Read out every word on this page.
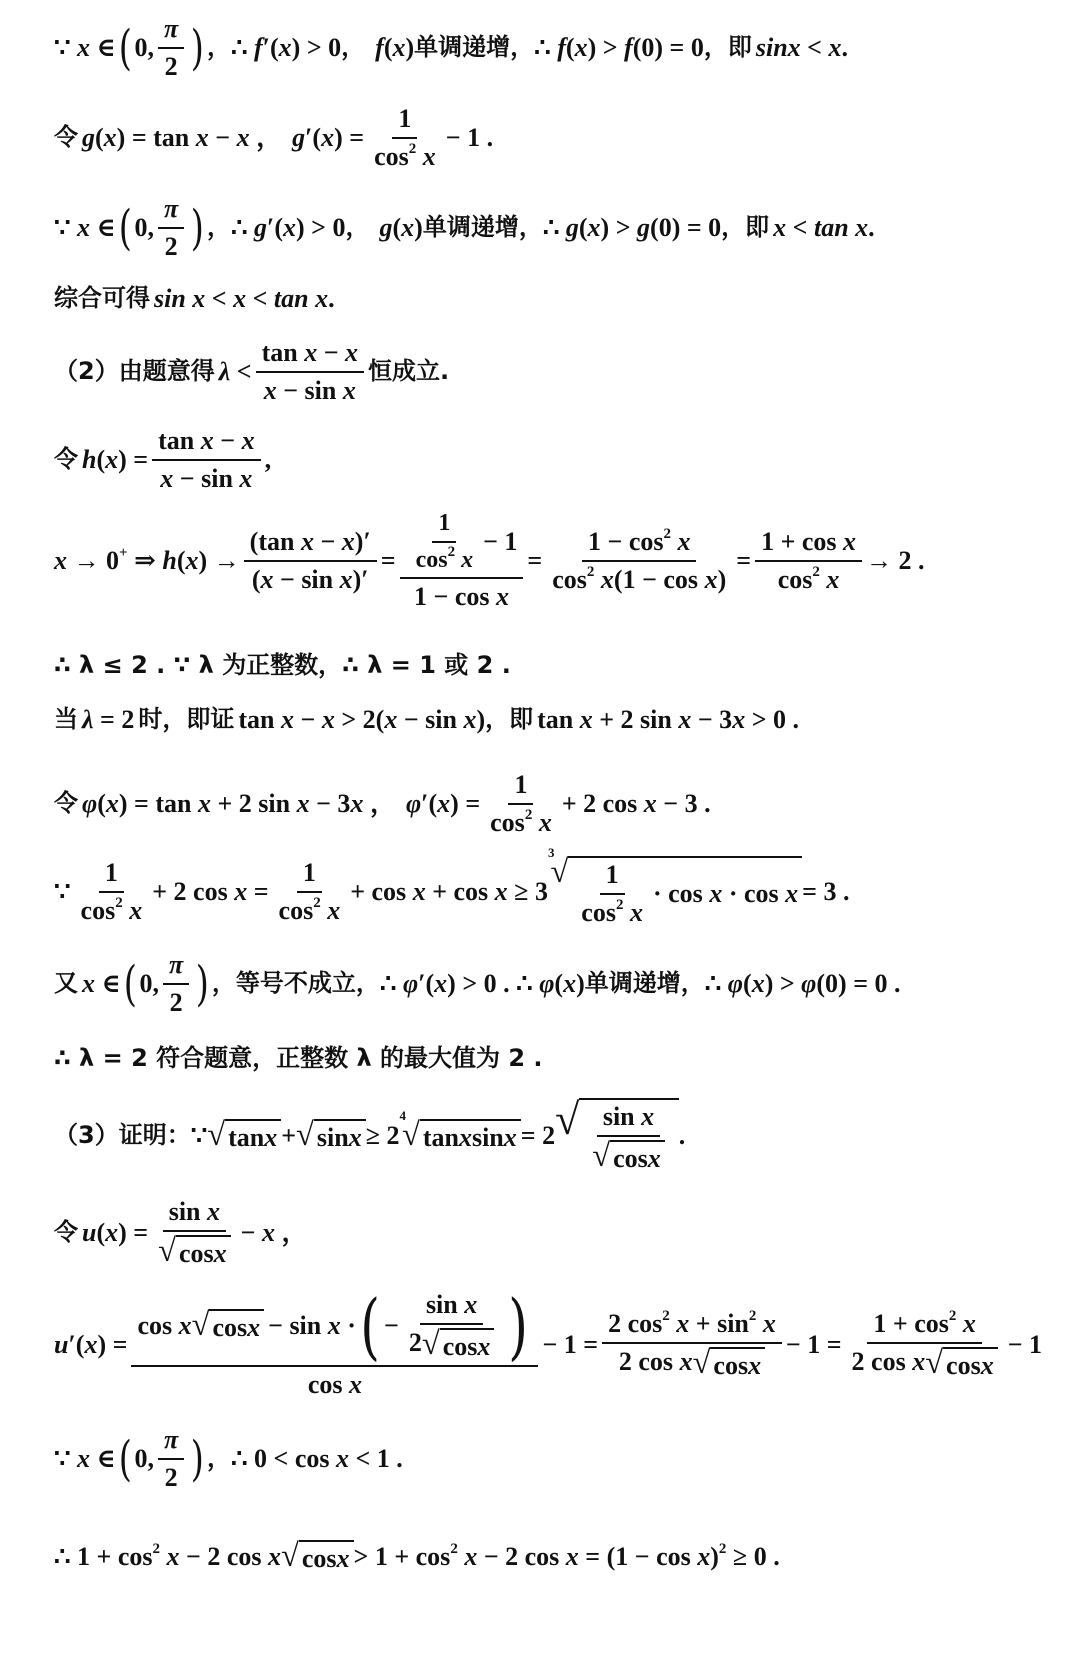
∵ x ∈ ( 0, $\frac{\pi}{2}$ ) ， ∴ f′(x) > 0 ， f(x) 单调递增， ∴ f(x) > f(0) = 0 ， 即 sinx < x .
令 g(x) = tan x − x ， $g'(x) = \frac{1}{\cos^2 x} - 1$ .
∵ x ∈ ( 0, $\frac{\pi}{2}$ ) ， ∴ g′(x) > 0 ， g(x) 单调递增， ∴ g(x) > g(0) = 0 ， 即 x < tan x .
综合可得 sin x < x < tan x .
（2）由题意得 $\lambda < \frac{\text{tan x − x}}{\text{x − sin x}}$ 恒成立.
令 $h(x) = \frac{\text{tan x − x}}{\text{x − sin x}}$ ,
x → 0+ ⇒ $h(x) \to \frac{\text{(tan x − x)′}}{\text{(x − sin x)′}} = \frac{\frac{1}{\cos^2 x} - 1}{\text{1 − cos x}} = \frac{1 - \cos^2 x}{\cos^2 x(1 - \cos x)} = \frac{\text{1 + cos x}}{\cos^2 x} \to 2$ .
∴ λ ≤ 2 . ∵ λ 为正整数，∴ λ = 1 或 2 .
当 λ = 2 时，即证 tan x − x > 2(x − sin x) ，即 tan x + 2 sin x − 3x > 0 .
令 φ(x) = tan x + 2 sin x − 3x ， $\varphi'(x) = \frac{1}{\cos^2 x} + 2$ cos x − 3 .
∵ $\frac{1}{\cos^2 x} + 2$ $\cos x = \frac{1}{\cos^2 x} + \cos x + \cos x \ge 3$
3
√ $\frac{1}{\cos^2 x} \cdot \cos x \cdot \cos x = 3$ .
又 x ∈ ( 0, $\frac{\pi}{2}$ ) ，等号不成立， ∴ φ′(x) > 0 . ∴ φ(x) 单调递增， ∴ φ(x) > φ(0) = 0 .
∴ λ = 2 符合题意，正整数 λ 的最大值为 2 .
（3）证明： ∵ √ tan x + √ sin x ≥ 2
4
√ tan x sin x = 2 √ $\frac{\text{sin x}}{\text{√ cos x}}$ .
令 $u(x) = \frac{\text{sin x}}{\text{√ cos x}} - x$ ，
u′(x) =
cos x √ cos x − sin x · ( − $\frac{\text{sin x}}{\text{2 √ cos x}}$ )
cos x
− $1 = \frac{2 \cos^2 x + \sin^2 x}{\text{2 cos x √ cos x}} - 1 = \frac{1 + \cos^2 x}{\text{2 cos x √ cos x}} - 1$
∵ x ∈ ( 0, $\frac{\pi}{2}$ ) ， ∴ 0 < cos x < 1 .
∴ $1 + \cos^2 x - 2$ cos x √ $\cos x > 1 + \cos^2 x - 2$ $\cos x = (1 - \cos x)^2 \ge 0$ .
